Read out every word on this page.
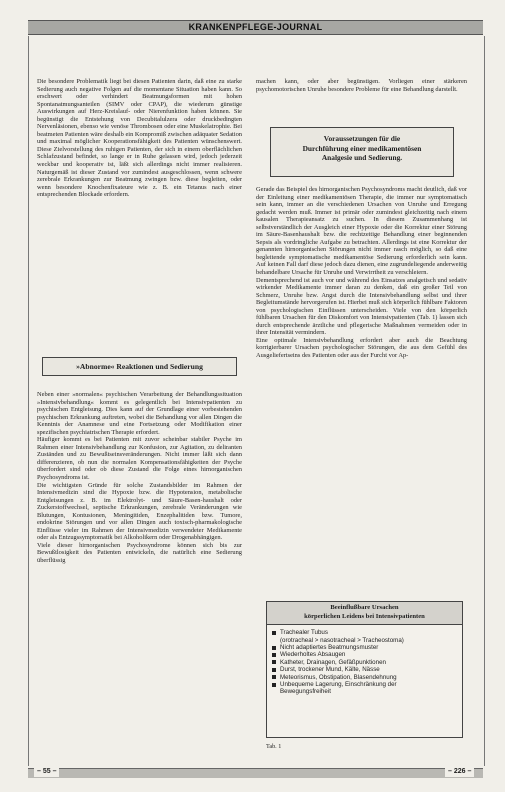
KRANKENPFLEGE-JOURNAL

Die besondere Problematik liegt bei diesen Patienten darin, daß eine zu starke Sedierung auch negative Folgen auf die momentane Situation haben kann. So erschwert oder verhindert Beatmungsformen mit hohen Spontanatmungsanteilen (SIMV oder CPAP), die wiederum günstige Auswirkungen auf Herz-Kreislauf- oder Nierenfunktion haben können. Sie begünstigt die Entstehung von Decubitalulzera oder druckbedingten Nervenläsionen, ebenso wie venöse Thrombosen oder eine Muskelatrophie. Bei beatmeten Patienten wäre deshalb ein Kompromiß zwischen adäquater Sedation und maximal möglicher Kooperationsfähigkeit des Patienten wünschenswert. Diese Zielvorstellung des ruhigen Patienten, der sich in einem oberflächlichen Schlafzustand befindet, so lange er in Ruhe gelassen wird, jedoch jederzeit weckbar und kooperativ ist, läßt sich allerdings nicht immer realisieren. Naturgemäß ist dieser Zustand vor zumindest ausgeschlossen, wenn schwere zerebrale Erkrankungen zur Beatmung zwingen bzw. diese begleiten, oder wenn besondere Knochenfixateure wie z. B. ein Tetanus nach einer entsprechenden Blockade erfordern.

»Abnorme« Reaktionen und Sedierung

Neben einer »normalen« psychischen Verarbeitung der Behandlungssituation »Intensivbehandlung« kommt es gelegentlich bei Intensivpatienten zu psychischen Entgleisung. Dies kann auf der Grundlage einer vorbestehenden psychischen Erkrankung auftreten, wobei die Behandlung vor allen Dingen die Kenntnis der Anamnese und eine Fortsetzung oder Modifikation einer spezifischen psychiatrischen Therapie erfordert.

Häufiger kommt es bei Patienten mit zuvor scheinbar stabiler Psyche im Rahmen einer Intensivbehandlung zur Konfusion, zur Agitation, zu deliranten Zuständen und zu Bewußtseinsveränderungen. Nicht immer läßt sich dann differenzieren, ob nun die normalen Kompensationsfähigkeiten der Psyche überfordert sind oder ob diese Zustand die Folge eines hirnorganischen Psychosyndroms ist.

Die wichtigsten Gründe für solche Zustandsbilder im Rahmen der Intensivmedizin sind die Hypoxie bzw. die Hypotension, metabolische Entgleisungen z. B. im Elektrolyt- und Säure-Basen-haushalt oder Zuckerstoffwechsel, septische Erkrankungen, zerebrale Veränderungen wie Blutungen, Kontusionen, Meningitiden, Enzephalitiden bzw. Tumore, endokrine Störungen und vor allen Dingen auch toxisch-pharmakologische Einflüsse vieler im Rahmen der Intensivmedizin verwendeter Medikamente oder als Entzugssymptomatik bei Alkoholikern oder Drogenabhängigen.

Viele dieser hirnorganischen Psychosyndrome können sich bis zur Bewußtlosigkeit des Patienten entwickeln, die natürlich eine Sedierung überflüssig

machen kann, oder aber begünstigen. Vorliegen einer stärkeren psychomotorischen Unruhe besondere Probleme für eine Behandlung darstellt.

Voraussetzungen für die
Durchführung einer medikamentösen
Analgesie und Sedierung.

Gerade das Beispiel des hirnorganischen Psychosyndroms macht deutlich, daß vor der Einleitung einer medikamentösen Therapie, die immer nur symptomatisch sein kann, immer an die verschiedenen Ursachen von Unruhe und Erregung gedacht werden muß. Immer ist primär oder zumindest gleichzeitig nach einem kausalen Therapieansatz zu suchen. In diesem Zusammenhang ist selbstverständlich der Ausgleich einer Hypoxie oder die Korrektur einer Störung im Säure-Basenhaushalt bzw. die rechtzeitige Behandlung einer beginnenden Sepsis als vordringliche Aufgabe zu betrachten. Allerdings ist eine Korrektur der genannten hirnorganischen Störungen nicht immer rasch möglich, so daß eine begleitende symptomatische medikamentöse Sedierung erforderlich sein kann. Auf keinen Fall darf diese jedoch dazu dienen, eine zugrundeliegende anderweitig behandelbare Ursache für Unruhe und Verwirrtheit zu verschleiern.

Dementsprechend ist auch vor und während des Einsatzes analgetisch und sedativ wirkender Medikamente immer daran zu denken, daß ein großer Teil von Schmerz, Unruhe bzw. Angst durch die Intensivbehandlung selbst und ihrer Begleitumstände hervorgerufen ist. Hierbei muß sich körperlich fühlbare Faktoren von psychologischen Einflüssen unterscheiden. Viele von den körperlich fühlbaren Ursachen für den Diskomfort von Intensivpatienten (Tab. 1) lassen sich durch entsprechende ärztliche und pflegerische Maßnahmen vermeiden oder in ihrer Intensität vermindern.

Eine optimale Intensivbehandlung erfordert aber auch die Beachtung korrigierbarer Ursachen psychologischer Störungen, die aus dem Gefühl des Ausgeliefertseins des Patienten oder aus der Furcht vor Ap-

Beeinflußbare Ursachen
körperlichen Leidens bei Intensivpatienten
Trachealer Tubus
(orotracheal > nasotracheal > Tracheostoma)
Nicht adaptiertes Beatmungsmuster
Wiederholtes Absaugen
Katheter, Drainagen, Gefäßpunktionen
Durst, trockener Mund, Kälte, Nässe
Meteorismus, Obstipation, Blasendehnung
Unbequeme Lagerung, Einschränkung der
Bewegungsfreiheit
Tab. 1
– 55 –	– 226 –
